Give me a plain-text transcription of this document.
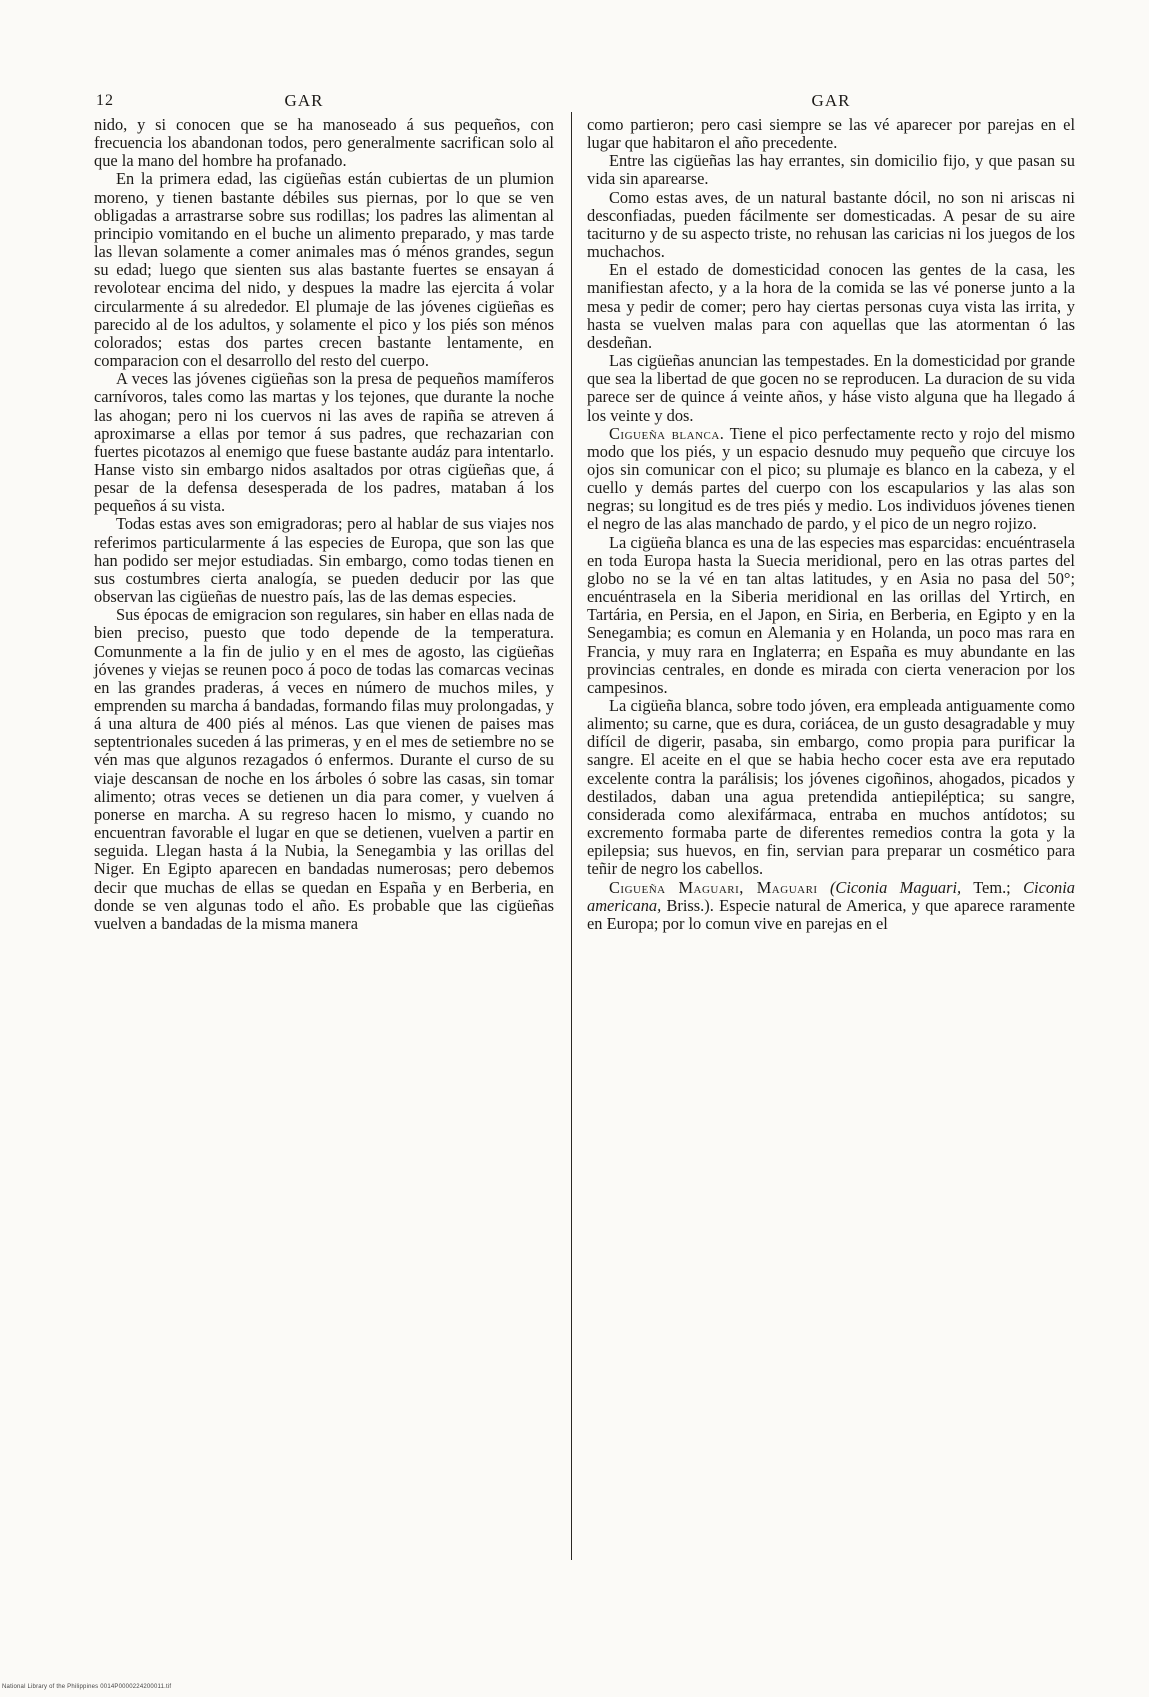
12	GAR

nido, y si conocen que se ha manoseado á sus pequeños, con frecuencia los abandonan todos, pero generalmente sacrifican solo al que la mano del hombre ha profanado.

En la primera edad, las cigüeñas están cubiertas de un plumion moreno, y tienen bastante débiles sus piernas, por lo que se ven obligadas a arrastrarse sobre sus rodillas; los padres las alimentan al principio vomitando en el buche un alimento preparado, y mas tarde las llevan solamente a comer animales mas ó ménos grandes, segun su edad; luego que sienten sus alas bastante fuertes se ensayan á revolotear encima del nido, y despues la madre las ejercita á volar circularmente á su alrededor. El plumaje de las jóvenes cigüeñas es parecido al de los adultos, y solamente el pico y los piés son ménos colorados; estas dos partes crecen bastante lentamente, en comparacion con el desarrollo del resto del cuerpo.

A veces las jóvenes cigüeñas son la presa de pequeños mamíferos carnívoros, tales como las martas y los tejones, que durante la noche las ahogan; pero ni los cuervos ni las aves de rapiña se atreven á aproximarse a ellas por temor á sus padres, que rechazarian con fuertes picotazos al enemigo que fuese bastante audáz para intentarlo. Hanse visto sin embargo nidos asaltados por otras cigüeñas que, á pesar de la defensa desesperada de los padres, mataban á los pequeños á su vista.

Todas estas aves son emigradoras; pero al hablar de sus viajes nos referimos particularmente á las especies de Europa, que son las que han podido ser mejor estudiadas. Sin embargo, como todas tienen en sus costumbres cierta analogía, se pueden deducir por las que observan las cigüeñas de nuestro país, las de las demas especies.

Sus épocas de emigracion son regulares, sin haber en ellas nada de bien preciso, puesto que todo depende de la temperatura. Comunmente a la fin de julio y en el mes de agosto, las cigüeñas jóvenes y viejas se reunen poco á poco de todas las comarcas vecinas en las grandes praderas, á veces en número de muchos miles, y emprenden su marcha á bandadas, formando filas muy prolongadas, y á una altura de 400 piés al ménos. Las que vienen de paises mas septentrionales suceden á las primeras, y en el mes de setiembre no se vén mas que algunos rezagados ó enfermos. Durante el curso de su viaje descansan de noche en los árboles ó sobre las casas, sin tomar alimento; otras veces se detienen un dia para comer, y vuelven á ponerse en marcha. A su regreso hacen lo mismo, y cuando no encuentran favorable el lugar en que se detienen, vuelven a partir en seguida. Llegan hasta á la Nubia, la Senegambia y las orillas del Niger. En Egipto aparecen en bandadas numerosas; pero debemos decir que muchas de ellas se quedan en España y en Berberia, en donde se ven algunas todo el año. Es probable que las cigüeñas vuelven a bandadas de la misma manera

GAR

como partieron; pero casi siempre se las vé aparecer por parejas en el lugar que habitaron el año precedente.

Entre las cigüeñas las hay errantes, sin domicilio fijo, y que pasan su vida sin aparearse.

Como estas aves, de un natural bastante dócil, no son ni ariscas ni desconfiadas, pueden fácilmente ser domesticadas. A pesar de su aire taciturno y de su aspecto triste, no rehusan las caricias ni los juegos de los muchachos.

En el estado de domesticidad conocen las gentes de la casa, les manifiestan afecto, y a la hora de la comida se las vé ponerse junto a la mesa y pedir de comer; pero hay ciertas personas cuya vista las irrita, y hasta se vuelven malas para con aquellas que las atormentan ó las desdeñan.

Las cigüeñas anuncian las tempestades. En la domesticidad por grande que sea la libertad de que gocen no se reproducen. La duracion de su vida parece ser de quince á veinte años, y háse visto alguna que ha llegado á los veinte y dos.

Cigueña blanca. Tiene el pico perfectamente recto y rojo del mismo modo que los piés, y un espacio desnudo muy pequeño que circuye los ojos sin comunicar con el pico; su plumaje es blanco en la cabeza, y el cuello y demás partes del cuerpo con los escapularios y las alas son negras; su longitud es de tres piés y medio. Los individuos jóvenes tienen el negro de las alas manchado de pardo, y el pico de un negro rojizo.

La cigüeña blanca es una de las especies mas esparcidas: encuéntrasela en toda Europa hasta la Suecia meridional, pero en las otras partes del globo no se la vé en tan altas latitudes, y en Asia no pasa del 50°; encuéntrasela en la Siberia meridional en las orillas del Yrtirch, en Tartária, en Persia, en el Japon, en Siria, en Berberia, en Egipto y en la Senegambia; es comun en Alemania y en Holanda, un poco mas rara en Francia, y muy rara en Inglaterra; en España es muy abundante en las provincias centrales, en donde es mirada con cierta veneracion por los campesinos.

La cigüeña blanca, sobre todo jóven, era empleada antiguamente como alimento; su carne, que es dura, coriácea, de un gusto desagradable y muy difícil de digerir, pasaba, sin embargo, como propia para purificar la sangre. El aceite en el que se habia hecho cocer esta ave era reputado excelente contra la parálisis; los jóvenes cigoñinos, ahogados, picados y destilados, daban una agua pretendida antiepiléptica; su sangre, considerada como alexifármaca, entraba en muchos antídotos; su excremento formaba parte de diferentes remedios contra la gota y la epilepsia; sus huevos, en fin, servian para preparar un cosmético para teñir de negro los cabellos.

Cigueña Maguari, Maguari (Ciconia Maguari, Tem.; Ciconia americana, Briss.). Especie natural de America, y que aparece raramente en Europa; por lo comun vive en parejas en el

National Library of the Philippines 0014P0000224200011.tif
